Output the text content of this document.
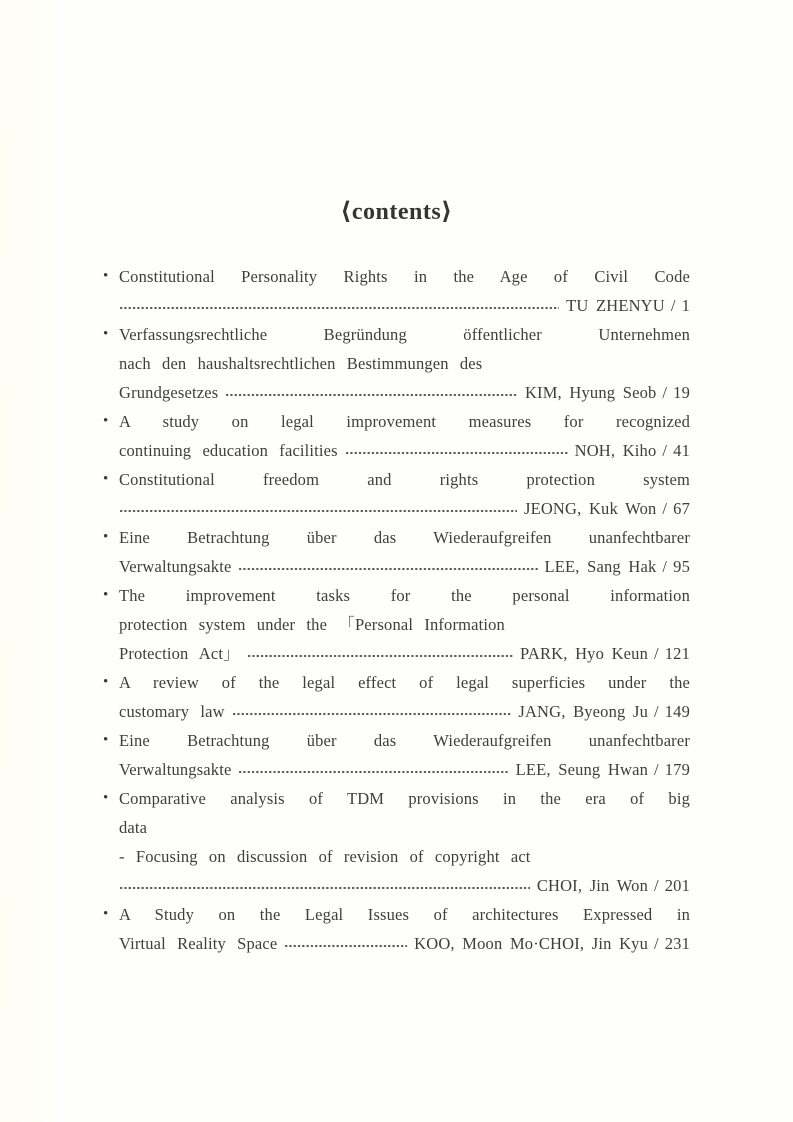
⟨contents⟩
• Constitutional Personality Rights in the Age of Civil Code
TU ZHENYU / 1
• Verfassungsrechtliche Begründung öffentlicher Unternehmen
nach den haushaltsrechtlichen Bestimmungen des
Grundgesetzes	KIM, Hyung Seob / 19
• A study on legal improvement measures for recognized
continuing education facilities	NOH, Kiho / 41
• Constitutional freedom and rights protection system
JEONG, Kuk Won / 67
• Eine Betrachtung über das Wiederaufgreifen unanfechtbarer
Verwaltungsakte	LEE, Sang Hak / 95
• The improvement tasks for the personal information
protection system under the 「Personal Information
Protection Act」	PARK, Hyo Keun / 121
• A review of the legal effect of legal superficies under the
customary law	JANG, Byeong Ju / 149
• Eine Betrachtung über das Wiederaufgreifen unanfechtbarer
Verwaltungsakte	LEE, Seung Hwan / 179
• Comparative analysis of TDM provisions in the era of big
data
- Focusing on discussion of revision of copyright act
CHOI, Jin Won / 201
• A Study on the Legal Issues of architectures Expressed in
Virtual Reality Space	KOO, Moon Mo·CHOI, Jin Kyu / 231
